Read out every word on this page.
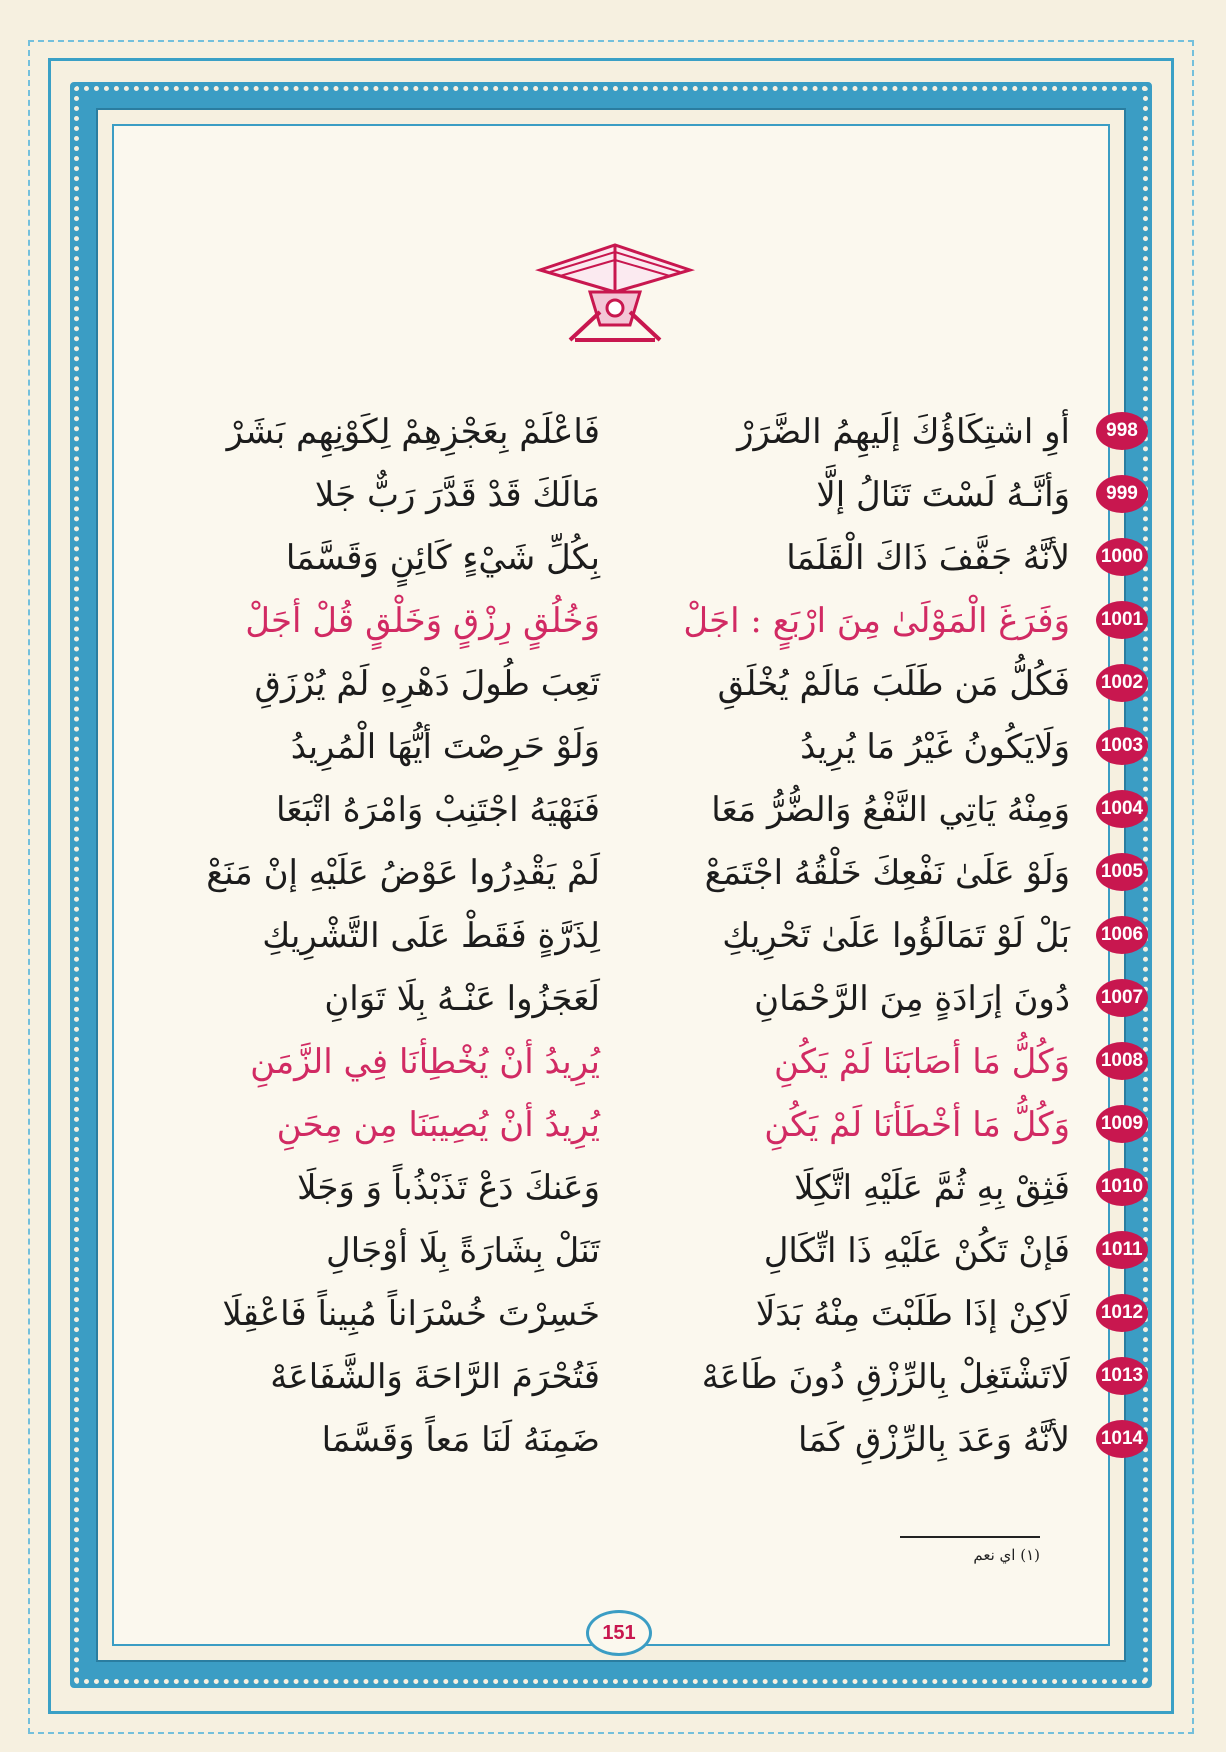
998
أوِ اشتِكَاؤُكَ إلَيهِمُ الضَّرَرْ
فَاعْلَمْ بِعَجْزِهِمْ لِكَوْنِهِم بَشَرْ
999
وَأنَّـهُ لَسْتَ تَنَالُ إلَّا
مَالَكَ قَدْ قَدَّرَ رَبٌّ جَلا
1000
لأنَّهُ جَفَّفَ ذَاكَ الْقَلَمَا
بِكُلِّ شَيْءٍ كَائِنٍ وَقَسَّمَا
1001
وَفَرَغَ الْمَوْلَىٰ مِنَ ارْبَعٍ : اجَلْ
وَخُلُقٍ رِزْقٍ وَخَلْقٍ قُلْ أجَلْ
1002
فَكُلُّ مَن طَلَبَ مَالَمْ يُخْلَقِ
تَعِبَ طُولَ دَهْرِهِ لَمْ يُرْزَقِ
1003
وَلَايَكُونُ غَيْرُ مَا يُرِيدُ
وَلَوْ حَرِصْتَ أيُّهَا الْمُرِيدُ
1004
وَمِنْهُ يَاتِي النَّفْعُ وَالضُّرُّ مَعَا
فَنَهْيَهُ اجْتَنِبْ وَامْرَهُ اتْبَعَا
1005
وَلَوْ عَلَىٰ نَفْعِكَ خَلْقُهُ اجْتَمَعْ
لَمْ يَقْدِرُوا عَوْضُ عَلَيْهِ إنْ مَنَعْ
1006
بَلْ لَوْ تَمَالَؤُوا عَلَىٰ تَحْرِيكِ
لِذَرَّةٍ فَقَطْ عَلَى التَّشْرِيكِ
1007
دُونَ إرَادَةٍ مِنَ الرَّحْمَانِ
لَعَجَزُوا عَنْـهُ بِلَا تَوَانِ
1008
وَكُلُّ مَا أصَابَنَا لَمْ يَكُنِ
يُرِيدُ أنْ يُخْطِأنَا فِي الزَّمَنِ
1009
وَكُلُّ مَا أخْطَأنَا لَمْ يَكُنِ
يُرِيدُ أنْ يُصِيبَنَا مِن مِحَنِ
1010
فَثِقْ بِهِ ثُمَّ عَلَيْهِ اتَّكِلَا
وَعَنكَ دَعْ تَذَبْذُباً وَ وَجَلَا
1011
فَإنْ تَكُنْ عَلَيْهِ ذَا اتِّكَالِ
تَنَلْ بِشَارَةً بِلَا أوْجَالِ
1012
لَاكِنْ إذَا طَلَبْتَ مِنْهُ بَدَلَا
خَسِرْتَ خُسْرَاناً مُبِيناً فَاعْقِلَا
1013
لَاتَشْتَغِلْ بِالرِّزْقِ دُونَ طَاعَهْ
فَتُحْرَمَ الرَّاحَةَ وَالشَّفَاعَهْ
1014
لأنَّهُ وَعَدَ بِالرِّزْقِ كَمَا
ضَمِنَهُ لَنَا مَعاً وَقَسَّمَا
(١) اي نعم
151
